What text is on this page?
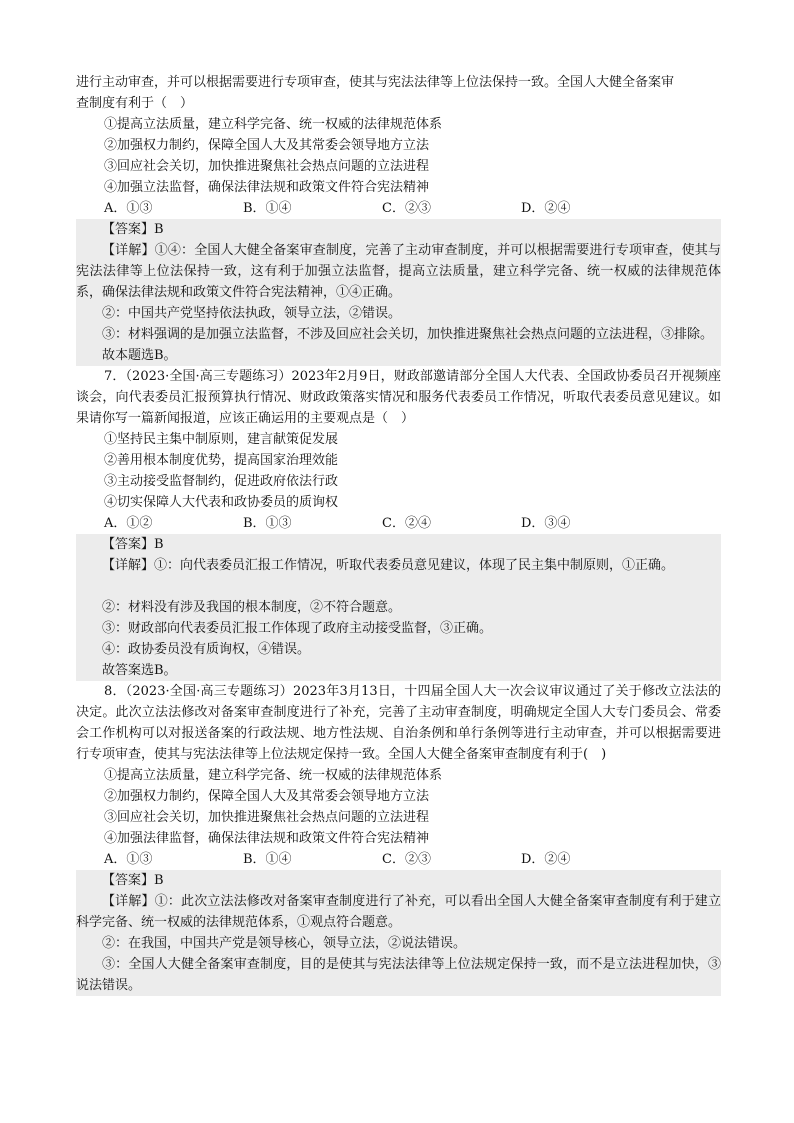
进行主动审查，并可以根据需要进行专项审查，使其与宪法法律等上位法保持一致。全国人大健全备案审

查制度有利于（　）

①提高立法质量，建立科学完备、统一权威的法律规范体系

②加强权力制约，保障全国人大及其常委会领导地方立法

③回应社会关切，加快推进聚焦社会热点问题的立法进程

④加强立法监督，确保法律法规和政策文件符合宪法精神

A．①③	B．①④	C．②③	D．②④

【答案】B

【详解】①④：全国人大健全备案审查制度，完善了主动审查制度，并可以根据需要进行专项审查，使其与宪法法律等上位法保持一致，这有利于加强立法监督，提高立法质量，建立科学完备、统一权威的法律规范体系，确保法律法规和政策文件符合宪法精神，①④正确。

②：中国共产党坚持依法执政，领导立法，②错误。

③：材料强调的是加强立法监督，不涉及回应社会关切，加快推进聚焦社会热点问题的立法进程，③排除。

故本题选B。

7．（2023·全国·高三专题练习）2023年2月9日，财政部邀请部分全国人大代表、全国政协委员召开视频座谈会，向代表委员汇报预算执行情况、财政政策落实情况和服务代表委员工作情况，听取代表委员意见建议。如果请你写一篇新闻报道，应该正确运用的主要观点是（　）

①坚持民主集中制原则，建言献策促发展

②善用根本制度优势，提高国家治理效能

③主动接受监督制约，促进政府依法行政

④切实保障人大代表和政协委员的质询权

A．①②	B．①③	C．②④	D．③④

【答案】B

【详解】①：向代表委员汇报工作情况，听取代表委员意见建议，体现了民主集中制原则，①正确。

②：材料没有涉及我国的根本制度，②不符合题意。

③：财政部向代表委员汇报工作体现了政府主动接受监督，③正确。

④：政协委员没有质询权，④错误。

故答案选B。

8．（2023·全国·高三专题练习）2023年3月13日，十四届全国人大一次会议审议通过了关于修改立法法的决定。此次立法法修改对备案审查制度进行了补充，完善了主动审查制度，明确规定全国人大专门委员会、常委会工作机构可以对报送备案的行政法规、地方性法规、自治条例和单行条例等进行主动审查，并可以根据需要进行专项审查，使其与宪法法律等上位法规定保持一致。全国人大健全备案审查制度有利于(　)

①提高立法质量，建立科学完备、统一权威的法律规范体系

②加强权力制约，保障全国人大及其常委会领导地方立法

③回应社会关切，加快推进聚焦社会热点问题的立法进程

④加强法律监督，确保法律法规和政策文件符合宪法精神

A．①③	B．①④	C．②③	D．②④

【答案】B

【详解】①：此次立法法修改对备案审查制度进行了补充，可以看出全国人大健全备案审查制度有利于建立科学完备、统一权威的法律规范体系，①观点符合题意。

②：在我国，中国共产党是领导核心，领导立法，②说法错误。

③：全国人大健全备案审查制度，目的是使其与宪法法律等上位法规定保持一致，而不是立法进程加快，③说法错误。
